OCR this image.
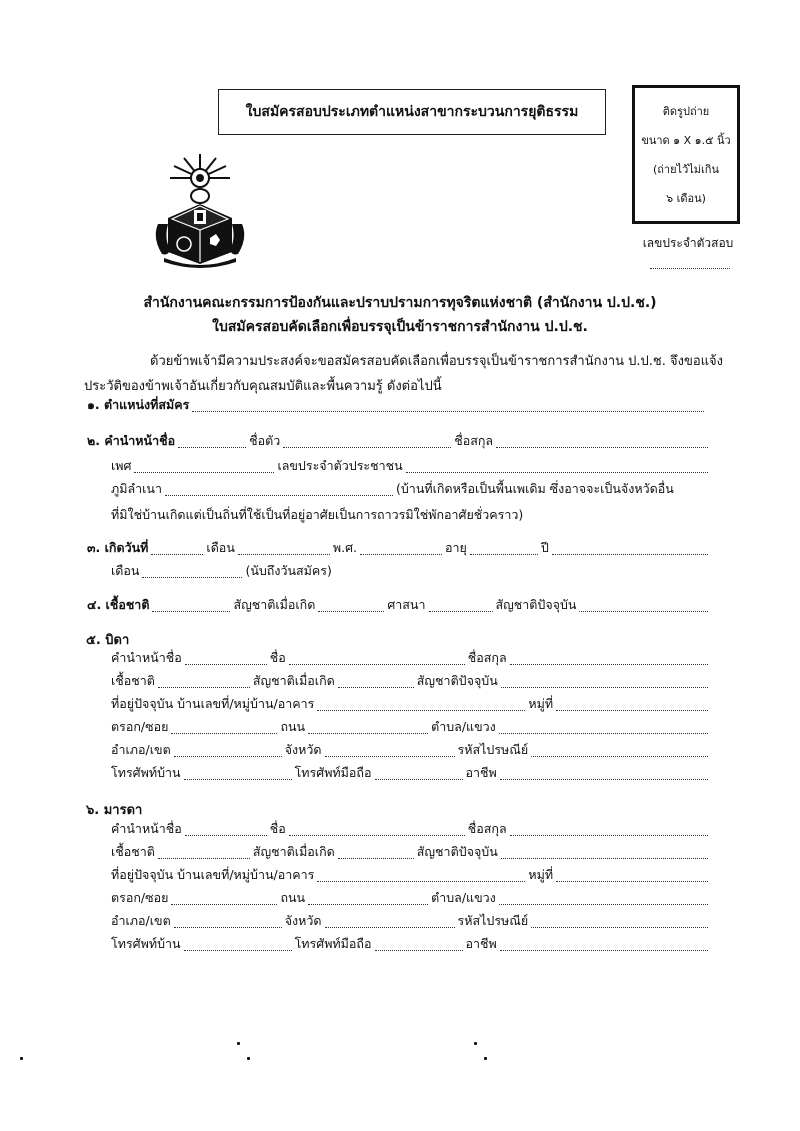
ใบสมัครสอบประเภทตำแหน่งสาขากระบวนการยุติธรรม	ติดรูปถ่าย
ขนาด ๑ X ๑.๕ นิ้ว
(ถ่ายไว้ไม่เกิน
๖ เดือน)
เลขประจำตัวสอบ
สำนักงานคณะกรรมการป้องกันและปราบปรามการทุจริตแห่งชาติ (สำนักงาน ป.ป.ช.)
ใบสมัครสอบคัดเลือกเพื่อบรรจุเป็นข้าราชการสำนักงาน ป.ป.ช.
ด้วยข้าพเจ้ามีความประสงค์จะขอสมัครสอบคัดเลือกเพื่อบรรจุเป็นข้าราชการสำนักงาน ป.ป.ช. จึงขอแจ้ง
ประวัติของข้าพเจ้าอันเกี่ยวกับคุณสมบัติและพื้นความรู้ ดังต่อไปนี้
๑. ตำแหน่งที่สมัคร
๒. คำนำหน้าชื่อ	ชื่อตัว	ชื่อสกุล
เพศ	เลขประจำตัวประชาชน
ภูมิลำเนา	(บ้านที่เกิดหรือเป็นพื้นเพเดิม ซึ่งอาจจะเป็นจังหวัดอื่น
ที่มิใช่บ้านเกิดแต่เป็นถิ่นที่ใช้เป็นที่อยู่อาศัยเป็นการถาวรมิใช่พักอาศัยชั่วคราว)
๓. เกิดวันที่	เดือน	พ.ศ.	อายุ	ปี
เดือน	(นับถึงวันสมัคร)
๔. เชื้อชาติ	สัญชาติเมื่อเกิด	ศาสนา	สัญชาติปัจจุบัน
๕. บิดา
คำนำหน้าชื่อ	ชื่อ	ชื่อสกุล
เชื้อชาติ	สัญชาติเมื่อเกิด	สัญชาติปัจจุบัน
ที่อยู่ปัจจุบัน บ้านเลขที่/หมู่บ้าน/อาคาร	หมู่ที่
ตรอก/ซอย	ถนน	ตำบล/แขวง
อำเภอ/เขต	จังหวัด	รหัสไปรษณีย์
โทรศัพท์บ้าน	โทรศัพท์มือถือ	อาชีพ
๖. มารดา
คำนำหน้าชื่อ	ชื่อ	ชื่อสกุล
เชื้อชาติ	สัญชาติเมื่อเกิด	สัญชาติปัจจุบัน
ที่อยู่ปัจจุบัน บ้านเลขที่/หมู่บ้าน/อาคาร	หมู่ที่
ตรอก/ซอย	ถนน	ตำบล/แขวง
อำเภอ/เขต	จังหวัด	รหัสไปรษณีย์
โทรศัพท์บ้าน	โทรศัพท์มือถือ	อาชีพ
